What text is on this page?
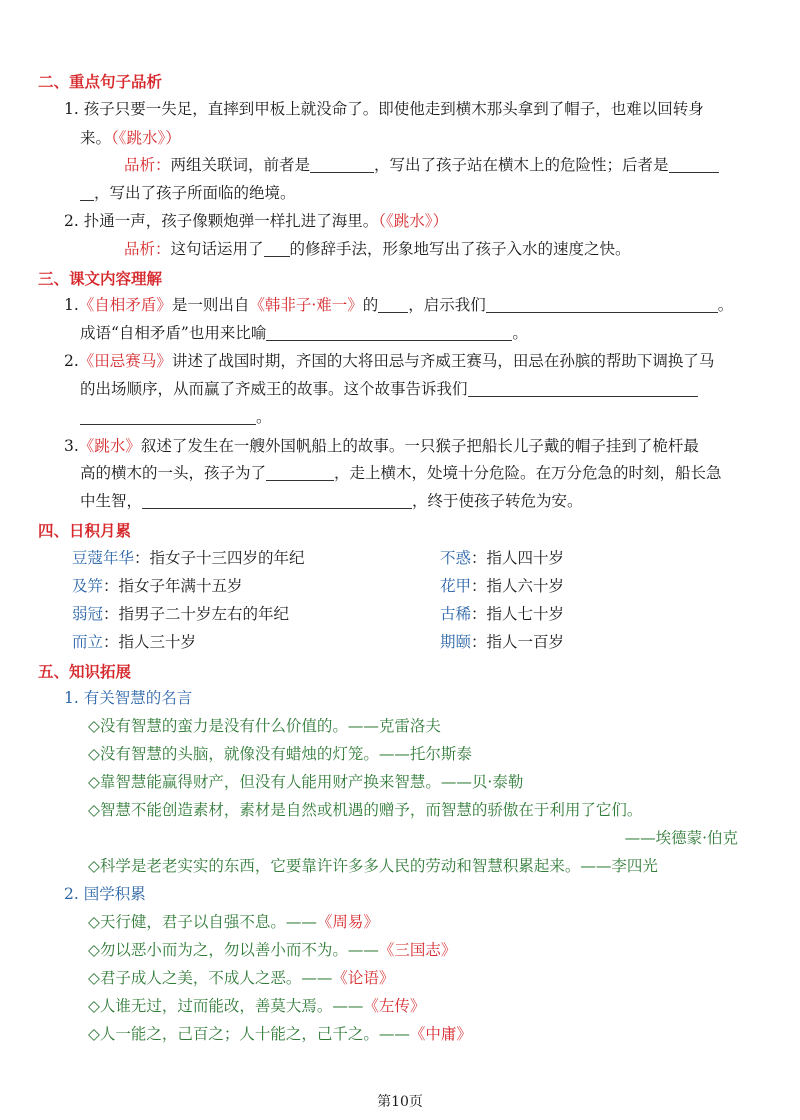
二、重点句子品析
1. 孩子只要一失足，直摔到甲板上就没命了。即使他走到横木那头拿到了帽子，也难以回转身
来。（《跳水》）
品析：两组关联词，前者是	，写出了孩子站在横木上的危险性；后者是
，写出了孩子所面临的绝境。
2. 扑通一声，孩子像颗炮弹一样扎进了海里。（《跳水》）
品析：这句话运用了 的修辞手法，形象地写出了孩子入水的速度之快。
三、课文内容理解
1.《自相矛盾》是一则出自《韩非子·难一》的 ，启示我们	。
成语“自相矛盾”也用来比喻	。
2.《田忌赛马》讲述了战国时期，齐国的大将田忌与齐威王赛马，田忌在孙膑的帮助下调换了马
的出场顺序，从而赢了齐威王的故事。这个故事告诉我们
。
3.《跳水》叙述了发生在一艘外国帆船上的故事。一只猴子把船长儿子戴的帽子挂到了桅杆最
高的横木的一头，孩子为了	，走上横木，处境十分危险。在万分危急的时刻，船长急
中生智，	，终于使孩子转危为安。
四、日积月累
豆蔻年华：指女子十三四岁的年纪	不惑：指人四十岁
及笄：指女子年满十五岁	花甲：指人六十岁
弱冠：指男子二十岁左右的年纪	古稀：指人七十岁
而立：指人三十岁	期颐：指人一百岁
五、知识拓展
1. 有关智慧的名言
◇没有智慧的蛮力是没有什么价值的。——克雷洛夫
◇没有智慧的头脑，就像没有蜡烛的灯笼。——托尔斯泰
◇靠智慧能赢得财产，但没有人能用财产换来智慧。——贝·泰勒
◇智慧不能创造素材，素材是自然或机遇的赠予，而智慧的骄傲在于利用了它们。
——埃德蒙·伯克
◇科学是老老实实的东西，它要靠许许多多人民的劳动和智慧积累起来。——李四光
2. 国学积累
◇天行健，君子以自强不息。——《周易》
◇勿以恶小而为之，勿以善小而不为。——《三国志》
◇君子成人之美，不成人之恶。——《论语》
◇人谁无过，过而能改，善莫大焉。——《左传》
◇人一能之，己百之；人十能之，己千之。——《中庸》
第10页
